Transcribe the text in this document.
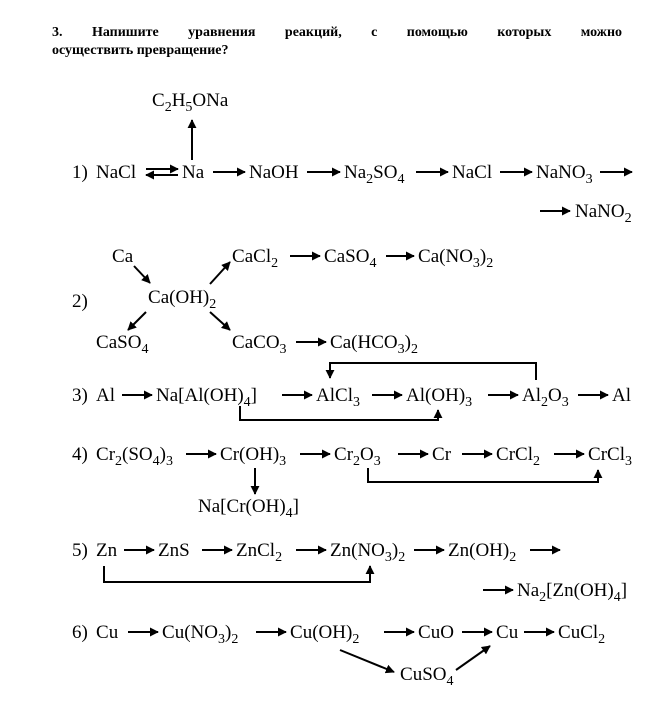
3. Напишите уравнения реакций, с помощью которых можно
осуществить превращение?
1)
$C_2H_5ONa$
NaCl Na NaOH $Na_2SO_4$	NaCl NaNO$_3$
NaNO$_2$
2)
Ca
$Ca(OH)_2$
CaCl$_2$ CaSO$_4$ $Ca(NO_3)_2$
CaSO$_4$	CaCO$_3$ $Ca(HCO_3)_2$
3) Al $Na[Al(OH)_4]$	AlCl$_3$ $Al(OH)_3$	$Al_2O_3$ Al
4) $Cr_2(SO_4)_3$ $Cr(OH)_3$	$Cr_2O_3$	Cr CrCl$_2$	CrCl$_3$
$Na[Cr(OH)_4]$
5) Zn ZnS ZnCl$_2$	$Zn(NO_3)_2$ $Zn(OH)_2$
$Na_2[Zn(OH)_4]$
6) Cu $Cu(NO_3)_2$	$Cu(OH)_2$	CuO Cu CuCl$_2$
CuSO$_4$
